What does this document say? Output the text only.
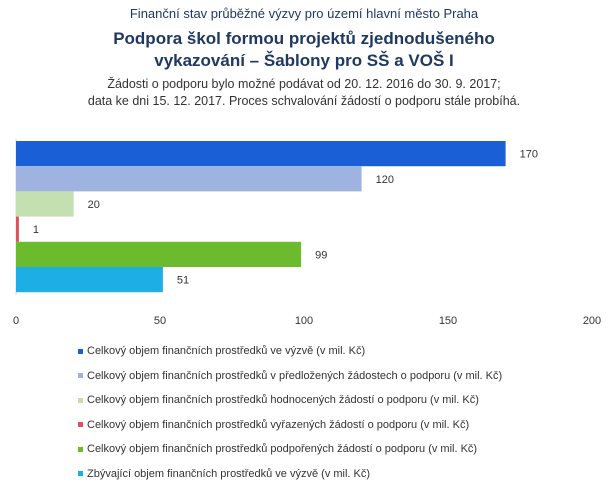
Finanční stav průběžné výzvy pro území hlavní město Praha
Podpora škol formou projektů zjednodušeného
vykazování – Šablony pro SŠ a VOŠ I
Žádosti o podporu bylo možné podávat od 20. 12. 2016 do 30. 9. 2017;
data ke dni 15. 12. 2017. Proces schvalování žádostí o podporu stále probíhá.
170
120
20
1
99
51
0	50	100	150	200
Celkový objem finančních prostředků ve výzvě (v mil. Kč)
Celkový objem finančních prostředků v předložených žádostech o podporu (v mil. Kč)
Celkový objem finančních prostředků hodnocených žádostí o podporu (v mil. Kč)
Celkový objem finančních prostředků vyřazených žádostí o podporu (v mil. Kč)
Celkový objem finančních prostředků podpořených žádostí o podporu (v mil. Kč)
Zbývající objem finančních prostředků ve výzvě (v mil. Kč)
